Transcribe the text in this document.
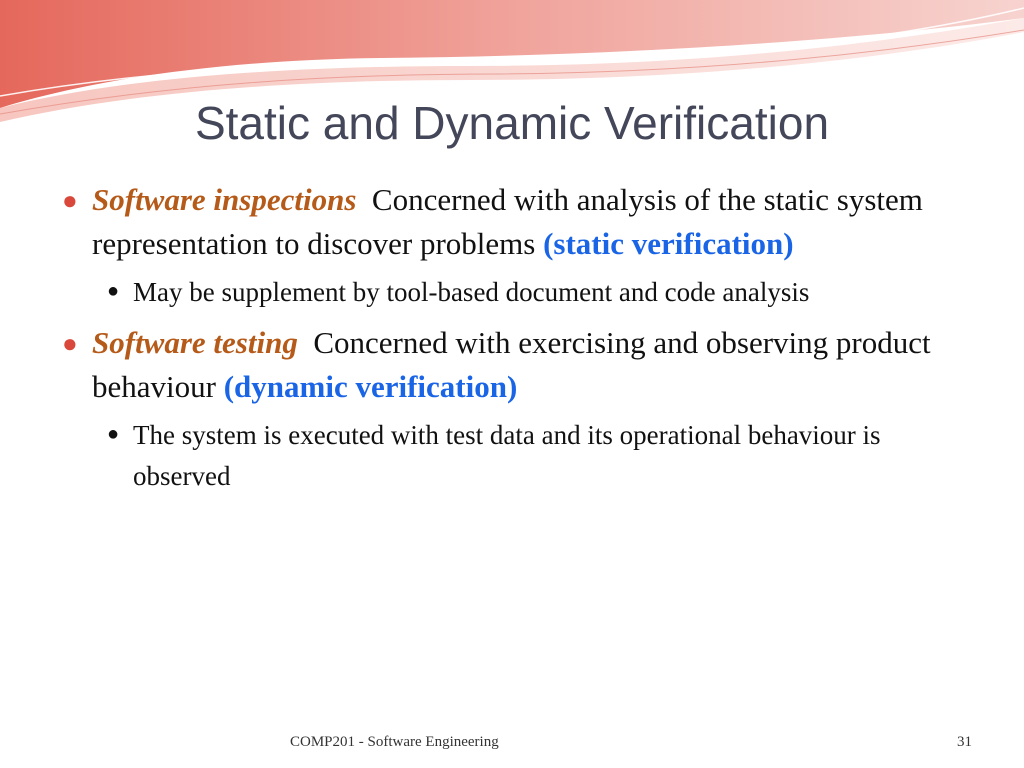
Static and Dynamic Verification
● Software inspections Concerned with analysis of the static system representation to discover problems (static verification)
● May be supplement by tool-based document and code analysis
● Software testing Concerned with exercising and observing product behaviour (dynamic verification)
● The system is executed with test data and its operational behaviour is observed
COMP201 - Software Engineering	31
